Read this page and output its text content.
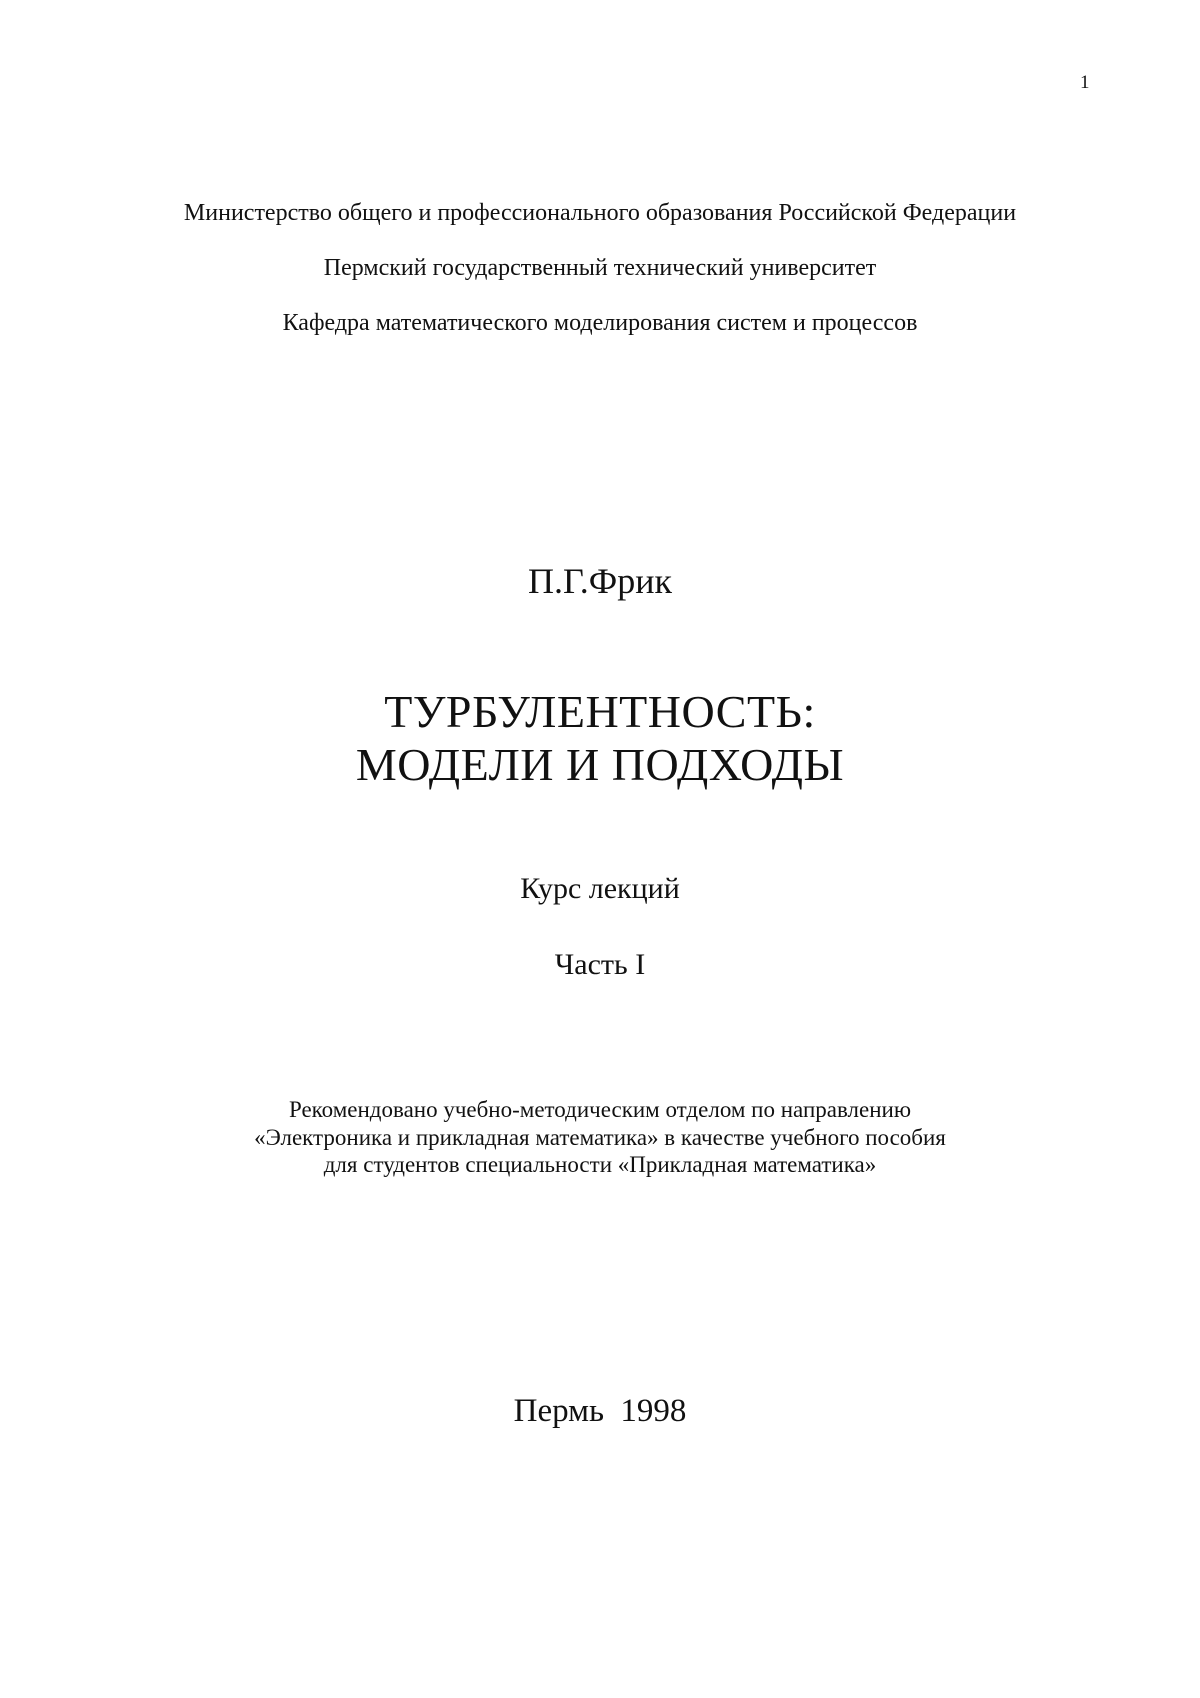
1
Министерство общего и профессионального образования Российской Федерации
Пермский государственный технический университет
Кафедра математического моделирования систем и процессов
П.Г.Фрик
ТУРБУЛЕНТНОСТЬ:
МОДЕЛИ И ПОДХОДЫ
Курс лекций
Часть I
Рекомендовано учебно-методическим отделом по направлению
«Электроника и прикладная математика» в качестве учебного пособия
для студентов специальности «Прикладная математика»
Пермь 1998
